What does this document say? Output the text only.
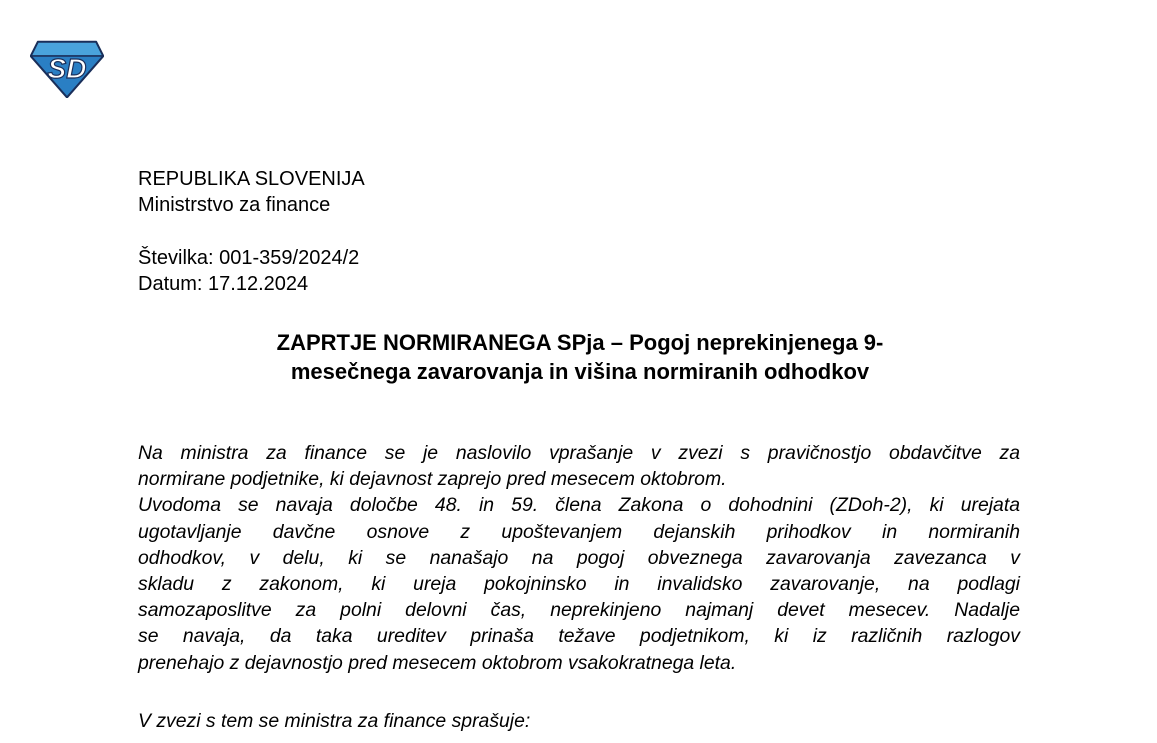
SD
REPUBLIKA SLOVENIJA
Ministrstvo za finance
Številka: 001-359/2024/2
Datum: 17.12.2024
ZAPRTJE NORMIRANEGA SPja – Pogoj neprekinjenega 9-
mesečnega zavarovanja in višina normiranih odhodkov
Na ministra za finance se je naslovilo vprašanje v zvezi s pravičnostjo obdavčitve za
normirane podjetnike, ki dejavnost zaprejo pred mesecem oktobrom.
Uvodoma se navaja določbe 48. in 59. člena Zakona o dohodnini (ZDoh-2), ki urejata
ugotavljanje davčne osnove z upoštevanjem dejanskih prihodkov in normiranih
odhodkov, v delu, ki se nanašajo na pogoj obveznega zavarovanja zavezanca v
skladu z zakonom, ki ureja pokojninsko in invalidsko zavarovanje, na podlagi
samozaposlitve za polni delovni čas, neprekinjeno najmanj devet mesecev. Nadalje
se navaja, da taka ureditev prinaša težave podjetnikom, ki iz različnih razlogov
prenehajo z dejavnostjo pred mesecem oktobrom vsakokratnega leta.
V zvezi s tem se ministra za finance sprašuje:
